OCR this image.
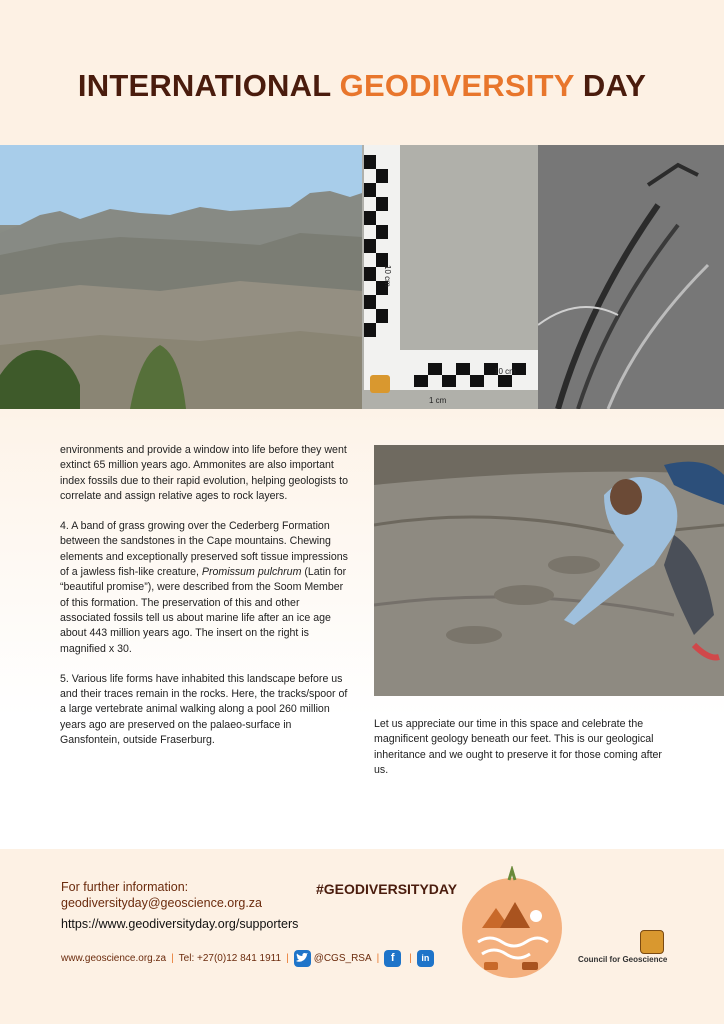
INTERNATIONAL GEODIVERSITY DAY
10 cm
10 cm
1 cm

environments and provide a window into life before they went extinct 65 million years ago. Ammonites are also important index fossils due to their rapid evolution, helping geologists to correlate and assign relative ages to rock layers.

4. A band of grass growing over the Cederberg Formation between the sandstones in the Cape mountains. Chewing elements and exceptionally preserved soft tissue impressions of a jawless fish-like creature, Promissum pulchrum (Latin for “beautiful promise”), were described from the Soom Member of this formation. The preservation of this and other associated fossils tell us about marine life after an ice age about 443 million years ago. The insert on the right is magnified x 30.

5. Various life forms have inhabited this landscape before us and their traces remain in the rocks. Here, the tracks/spoor of a large vertebrate animal walking along a pool 260 million years ago are preserved on the palaeo-surface in Gansfontein, outside Fraserburg.

Let us appreciate our time in this space and celebrate the magnificent geology beneath our feet. This is our geological inheritance and we ought to preserve it for those coming after us.

For further information:
geodiversityday@geoscience.org.za
https://www.geodiversityday.org/supporters
#GEODIVERSITYDAY
www.geoscience.org.za | Tel: +27(0)12 841 1911 |	@CGS_RSA |	f	|	in	Council for Geoscience
